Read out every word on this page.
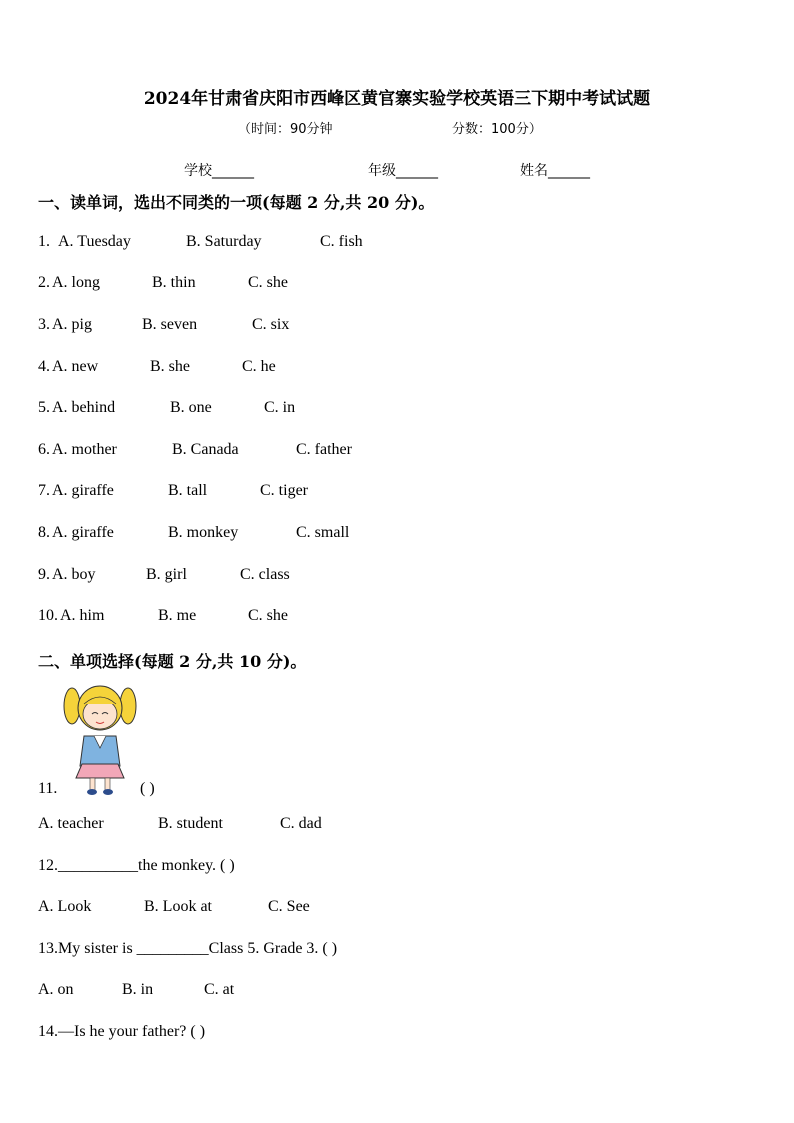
2024年甘肃省庆阳市西峰区黄官寨实验学校英语三下期中考试试题
（时间：90分钟	分数：100分）
学校______	年级______	姓名______
一、读单词，选出不同类的一项(每题 2 分,共 20 分)。
1. A. Tuesday	B. Saturday	C. fish
2. A. long	B. thin	C. she
3. A. pig	B. seven	C. six
4. A. new	B. she	C. he
5. A. behind	B. one	C. in
6. A. mother	B. Canada	C. father
7. A. giraffe	B. tall	C. tiger
8. A. giraffe	B. monkey	C. small
9. A. boy	B. girl	C. class
10. A. him	B. me	C. she
二、单项选择(每题 2 分,共 10 分)。
11.	( )
A. teacher	B. student	C. dad
12.__________the monkey. ( )
A. Look	B. Look at	C. See
13.My sister is _________Class 5. Grade 3. ( )
A. on	B. in	C. at
14.—Is he your father? ( )
